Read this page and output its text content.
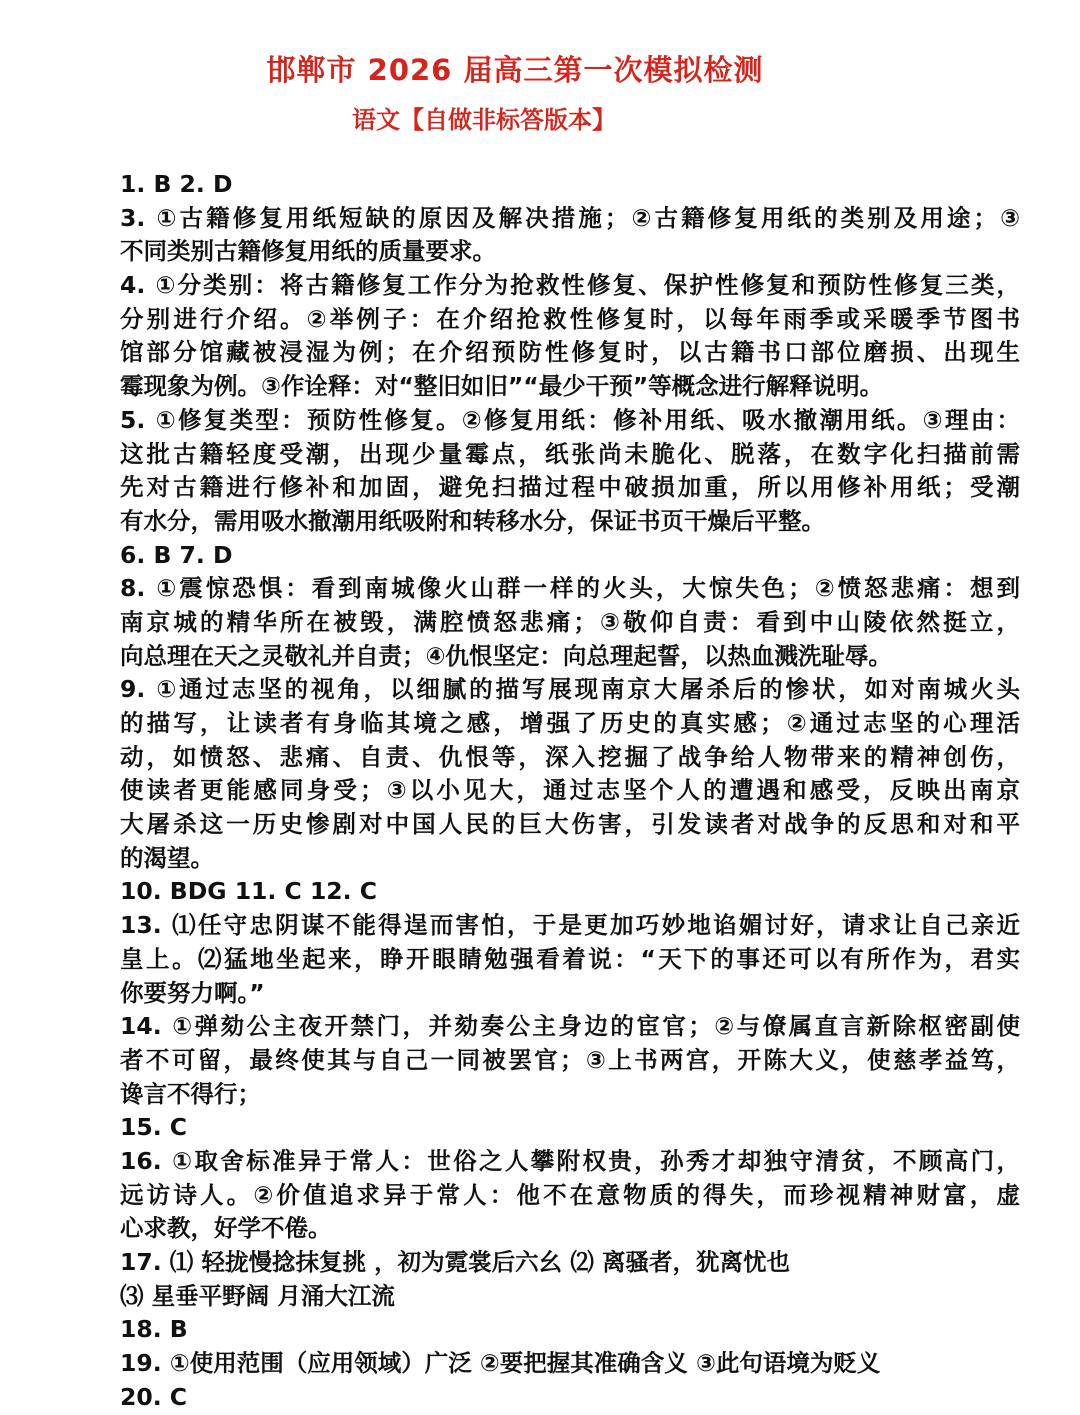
邯郸市 2026 届高三第一次模拟检测
语文【自做非标答版本】
1. B 2. D
3. ①古籍修复用纸短缺的原因及解决措施；②古籍修复用纸的类别及用途；③
不同类别古籍修复用纸的质量要求。
4. ①分类别：将古籍修复工作分为抢救性修复、保护性修复和预防性修复三类，
分别进行介绍。②举例子：在介绍抢救性修复时，以每年雨季或采暖季节图书
馆部分馆藏被浸湿为例；在介绍预防性修复时，以古籍书口部位磨损、出现生
霉现象为例。③作诠释：对“整旧如旧”“最少干预”等概念进行解释说明。
5. ①修复类型：预防性修复。②修复用纸：修补用纸、吸水撤潮用纸。③理由：
这批古籍轻度受潮，出现少量霉点，纸张尚未脆化、脱落，在数字化扫描前需
先对古籍进行修补和加固，避免扫描过程中破损加重，所以用修补用纸；受潮
有水分，需用吸水撤潮用纸吸附和转移水分，保证书页干燥后平整。
6. B 7. D
8. ①震惊恐惧：看到南城像火山群一样的火头，大惊失色；②愤怒悲痛：想到
南京城的精华所在被毁，满腔愤怒悲痛；③敬仰自责：看到中山陵依然挺立，
向总理在天之灵敬礼并自责；④仇恨坚定：向总理起誓，以热血溅洗耻辱。
9. ①通过志坚的视角，以细腻的描写展现南京大屠杀后的惨状，如对南城火头
的描写，让读者有身临其境之感，增强了历史的真实感；②通过志坚的心理活
动，如愤怒、悲痛、自责、仇恨等，深入挖掘了战争给人物带来的精神创伤，
使读者更能感同身受；③以小见大，通过志坚个人的遭遇和感受，反映出南京
大屠杀这一历史惨剧对中国人民的巨大伤害，引发读者对战争的反思和对和平
的渴望。
10. BDG 11. C 12. C
13. ⑴任守忠阴谋不能得逞而害怕，于是更加巧妙地谄媚讨好，请求让自己亲近
皇上。⑵猛地坐起来，睁开眼睛勉强看着说：“天下的事还可以有所作为，君实
你要努力啊。”
14. ①弹劾公主夜开禁门，并劾奏公主身边的宦官；②与僚属直言新除枢密副使
者不可留，最终使其与自己一同被罢官；③上书两宫，开陈大义，使慈孝益笃，
谗言不得行；
15. C
16. ①取舍标准异于常人：世俗之人攀附权贵，孙秀才却独守清贫，不顾高门，
远访诗人。②价值追求异于常人：他不在意物质的得失，而珍视精神财富，虚
心求教，好学不倦。
17. ⑴ 轻拢慢捻抹复挑 ，初为霓裳后六幺 ⑵ 离骚者，犹离忧也
⑶ 星垂平野阔 月涌大江流
18. B
19. ①使用范围（应用领域）广泛 ②要把握其准确含义 ③此句语境为贬义
20. C
